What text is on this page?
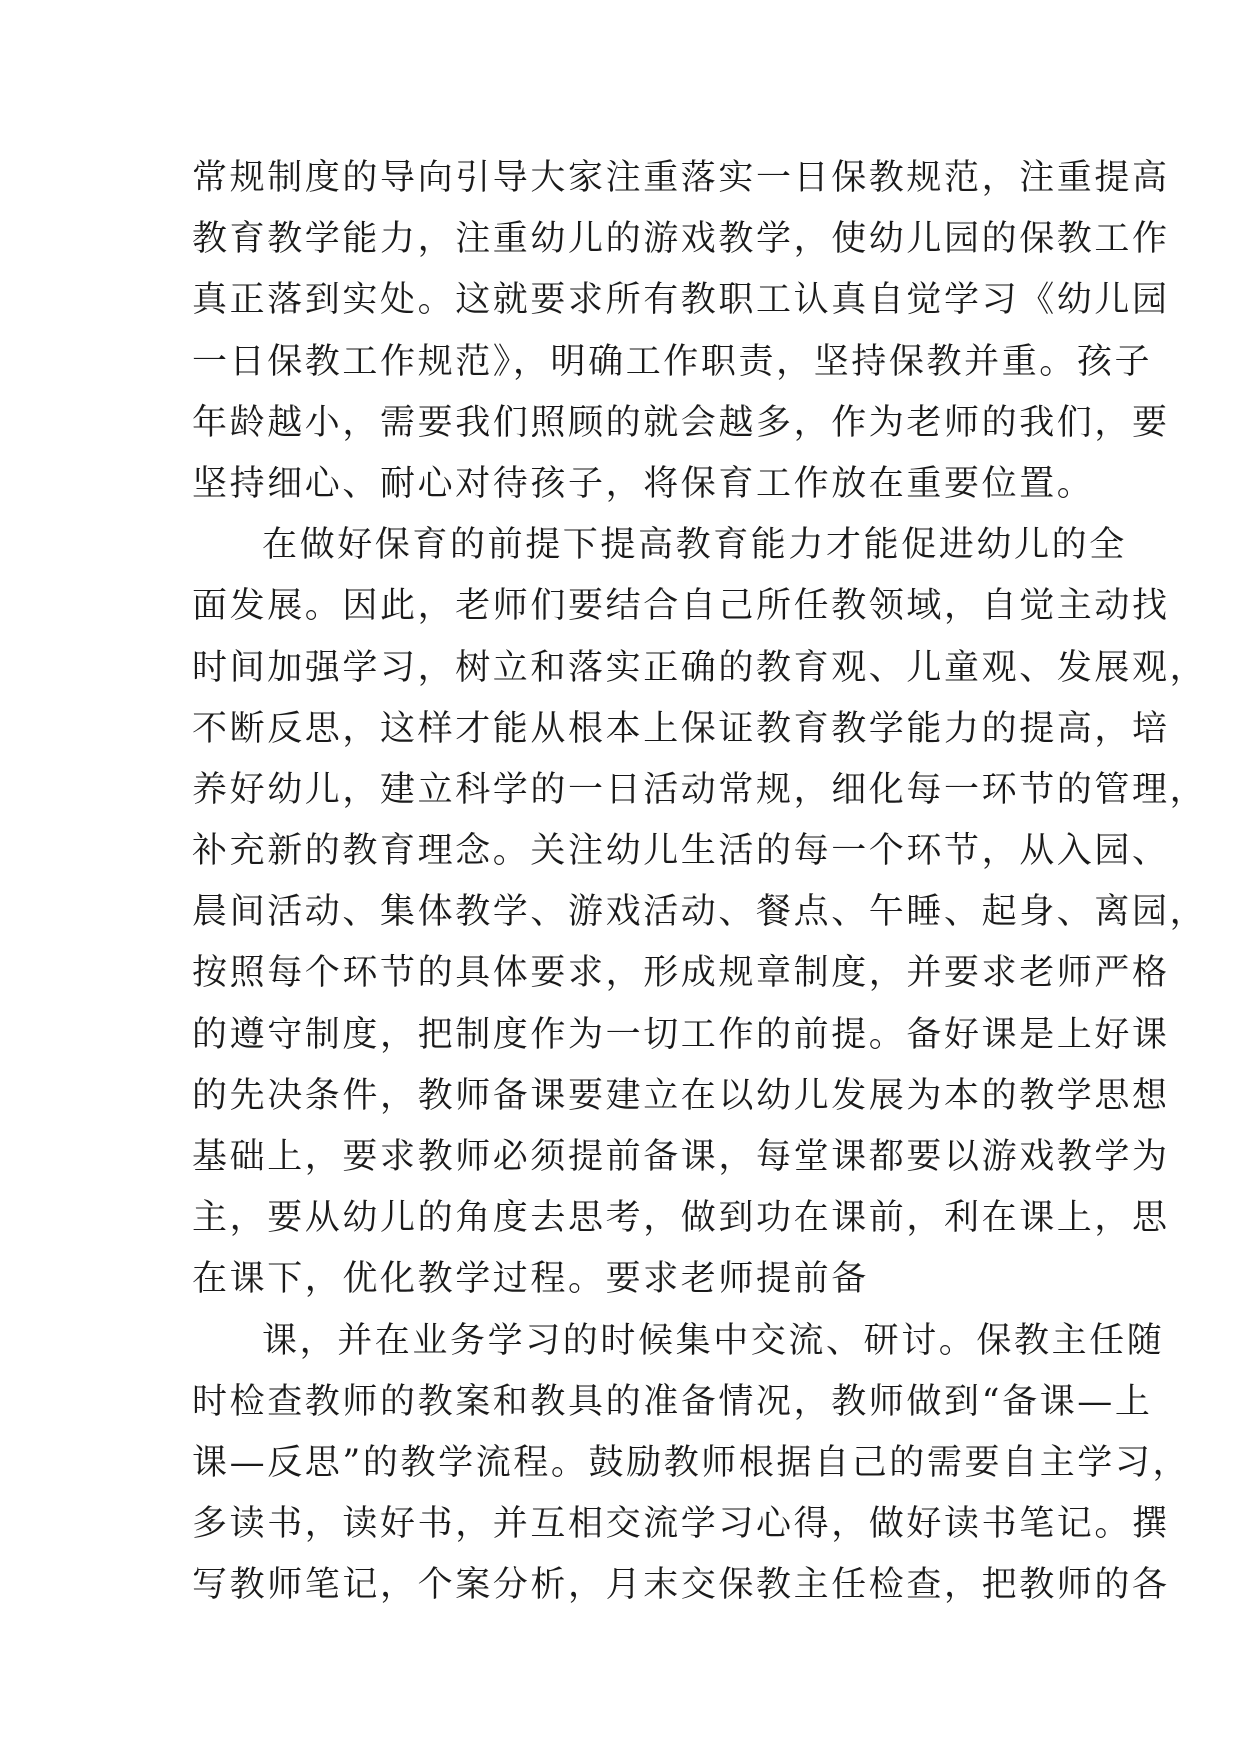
常规制度的导向引导大家注重落实一日保教规范，注重提高
教育教学能力，注重幼儿的游戏教学，使幼儿园的保教工作
真正落到实处。这就要求所有教职工认真自觉学习《幼儿园
一日保教工作规范》，明确工作职责，坚持保教并重。孩子
年龄越小，需要我们照顾的就会越多，作为老师的我们，要
坚持细心、耐心对待孩子，将保育工作放在重要位置。
在做好保育的前提下提高教育能力才能促进幼儿的全
面发展。因此，老师们要结合自己所任教领域，自觉主动找
时间加强学习，树立和落实正确的教育观、儿童观、发展观，
不断反思，这样才能从根本上保证教育教学能力的提高，培
养好幼儿，建立科学的一日活动常规，细化每一环节的管理，
补充新的教育理念。关注幼儿生活的每一个环节，从入园、
晨间活动、集体教学、游戏活动、餐点、午睡、起身、离园，
按照每个环节的具体要求，形成规章制度，并要求老师严格
的遵守制度，把制度作为一切工作的前提。备好课是上好课
的先决条件，教师备课要建立在以幼儿发展为本的教学思想
基础上，要求教师必须提前备课，每堂课都要以游戏教学为
主，要从幼儿的角度去思考，做到功在课前，利在课上，思
在课下，优化教学过程。要求老师提前备
课，并在业务学习的时候集中交流、研讨。保教主任随
时检查教师的教案和教具的准备情况，教师做到“备课—上
课—反思”的教学流程。鼓励教师根据自己的需要自主学习，
多读书，读好书，并互相交流学习心得，做好读书笔记。撰
写教师笔记，个案分析，月末交保教主任检查，把教师的各
